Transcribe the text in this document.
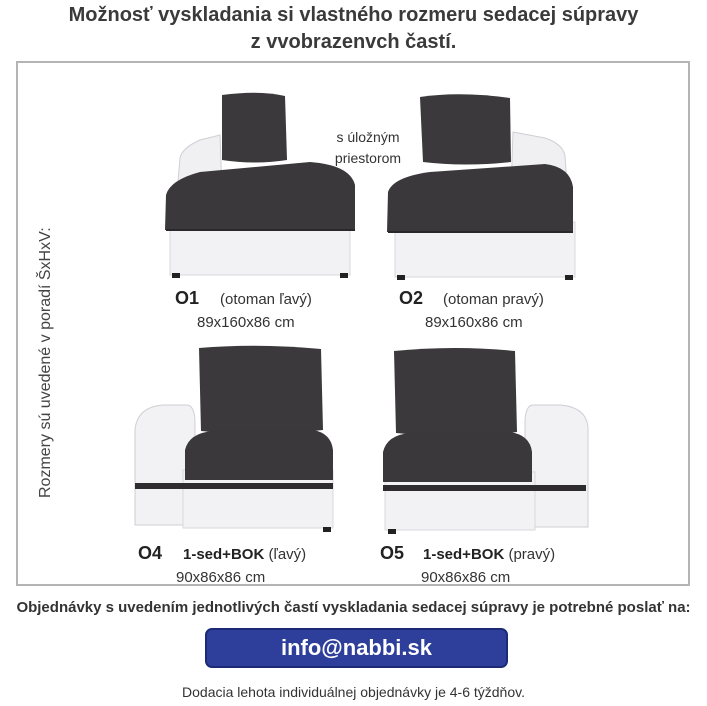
Možnosť vyskladania si vlastného rozmeru sedacej súpravy
z vvobrazenvch častí.
Rozmery sú uvedené v poradí ŠxHxV:
s úložným
priestorom
O1 (otoman ľavý)
89x160x86 cm
O2 (otoman pravý)
89x160x86 cm
O4 1-sed+BOK (ľavý)
90x86x86 cm
O5 1-sed+BOK (pravý)
90x86x86 cm
Objednávky s uvedením jednotlivých častí vyskladania sedacej súpravy je potrebné poslať na:
info@nabbi.sk
Dodacia lehota individuálnej objednávky je 4-6 týždňov.
